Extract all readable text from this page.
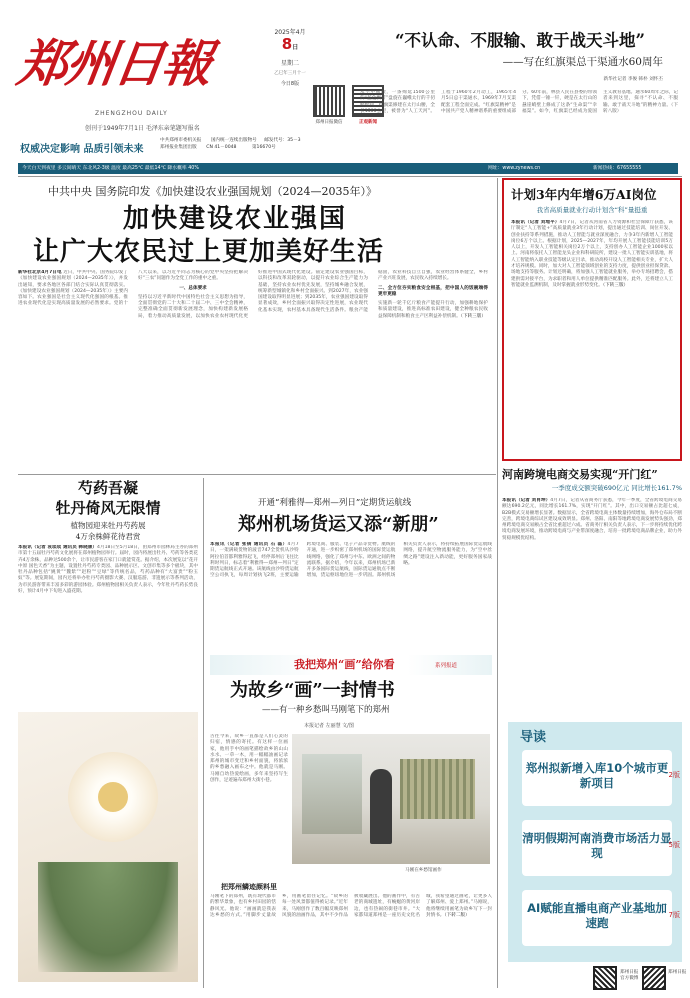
郑州日報
ZHENGZHOU DAILY
创刊于1949年7月1日 毛泽东亲笔题写报名
2025年4月
8日
星期二
乙巳年三月十一
今日8版
郑州日报微信	正观新闻
权威决定影响 品质引领未来
中共郑州市委机关报 国内统一连续出版物号 邮发代号：35－3
郑州报业集团出版 CN 41－0048	第16670号
今天白天到夜里 多云间晴天 东北风2-3级 温度 最高25℃ 最低14℃ 降水概率 40%	网址：www.zynews.cn	新闻热线：67655555
“不认命、不服输、敢于战天斗地”
——写在红旗渠总干渠通水60周年
新华社记者 李俊 韩朴 刘怀丕
从空中俯瞰，一条绵延1500公里的“蓝色飘带”盘旋在巍峨太行的千仞峭壁间。红旗渠修建在太行山腰，全长1500公里，被誉为“人工天河”。工程于1960年2月动工，1965年4月5日总干渠通水，1969年7月支渠配套工程全面完成。“红旗渠精神”是中国共产党人精神谱系的重要组成部分。60年前，林县人民在县委的带领下，凭借一锤一钎，硬是在太行山的悬崖峭壁上修成了这条“生命渠”“幸福渠”。如今，红旗渠已经成为爱国主义教育基地。通水60周年之际，记者来到这里，探寻“不认命、不服输、敢于战天斗地”的精神力量。（下转八版）
中共中央 国务院印发《加快建设农业强国规划（2024—2035年）》
加快建设农业强国
让广大农民过上更加美好生活
新华社北京4月7日电 近日，中共中央、国务院印发了《加快建设农业强国规划（2024—2035年）》，并发出通知，要求各地区各部门结合实际认真贯彻落实。《加快建设农业强国规划（2024—2035年）》主要内容如下。农业强国是社会主义现代化强国的根基。推进农业现代化是实现高质量发展的必然要求。党的十八大以来，以习近平同志为核心的党中央坚持把解决好“三农”问题作为全党工作的重中之重。

一、总体要求
坚持以习近平新时代中国特色社会主义思想为指导，全面贯彻党的二十大和二十届二中、三中全会精神，完整准确全面贯彻新发展理念，加快构建新发展格局，着力推动高质量发展，以加快农业农村现代化更好推进中国式现代化建设。锚定建设农业强国目标，以科技和改革双轮驱动，以提升农业综合生产能力为基础，坚持农业农村优先发展，坚持城乡融合发展，统筹新型城镇化和乡村全面振兴。到2027年，农业强国建设取得明显进展；到2035年，农业强国建设取得显著成效，乡村全面振兴取得决定性进展，农业现代化基本实现，农村基本具备现代生活条件。粮食产能稳固，农业科技自立自强，农业经营体系健全，乡村产业兴旺发展，农民收入持续增长。

二、全方位夯实粮食安全根基，把中国人的饭碗端得更牢更稳
实施新一轮千亿斤粮食产能提升行动，加强耕地保护和质量建设，推进高标准农田建设，健全种粮农民收益保障机制和粮食主产区利益补偿机制。（下转三版）
计划3年内年增6万AI岗位
我省高质量就业行动计划含“科”量挺重
本报讯（记者 刘地平）4月7日，记者从河南省人力资源和社会保障厅获悉，该厅制定“人工智能+”高质量就业3年行动计划，提出通过技能培训、岗位开发、创业扶持等系列措施，推动人工智能与就业深度融合，力争3年内新增人工智能岗位6万个以上。根据计划，2025—2027年，年均开展人工智能技能培训5万人以上，开发人工智能相关岗位2万个以上，支持创办人工智能企业1000家以上。河南将依托人工智能龙头企业和科研院所，建设一批人工智能实训基地，将人工智能纳入职业技能等级认定目录，推动高校开设人工智能相关专业，扩大人才培养规模。同时，加大对人工智能领域创业的支持力度，提供创业担保贷款、场地支持等服务。计划还明确，将加强人工智能就业服务，举办专场招聘会，搭建供需对接平台，为求职者和用人单位提供精准匹配服务。此外，还将建立人工智能就业监测机制，及时掌握就业形势变化。（下转三版）
河南跨境电商交易实现“开门红”
一季度成交额突破690亿元 同比增长161.7%
本报讯（记者 刘肖坤）4月7日，记者从省商务厅获悉，今年一季度，全省跨境电商交易额达690.2亿元，同比增长161.7%，实现“开门红”。其中，出口交易额占比超七成，B2B模式交易额增长显著。数据显示，全省跨境电商主体数量持续增加，海外仓布局不断完善，跨境电商综试区建设成效明显。郑州、洛阳、南阳等地跨境电商发展势头强劲，郑州跨境电商交易额占全省比重超过六成。省商务厅相关负责人表示，下一步将持续优化跨境电商发展环境，推动跨境电商与产业带深度融合，培育一批跨境电商品牌企业，助力外贸稳规模优结构。
芍药吾凝
牡丹倚风无限情
植物园迎来牡丹芍药展
4万余株鲜花待君赏
本报讯（记者 袁琰琰 通讯员 韩晓康）4月18日至5月18日，由郑州市园林局主办的郑州市第十五届牡丹芍药文化展将在郑州植物园举行。届时，园内将展出牡丹、芍药等各类花卉4万余株，品种达500余个，让市民游客在家门口就能赏花。据介绍，本次展览以“花开中原 国色天香”为主题，设置牡丹芍药专类园、品种展示区、文创市集等多个板块，其中牡丹品种包括“姚黄”“魏紫”“赵粉”“豆绿”等传统名品，芍药品种有“大富贵”“粉玉奴”等。展览期间，园内还将举办牡丹芍药摄影大赛、汉服巡游、非遗展示等系列活动，为市民游客带来丰富多彩的游园体验。郑州植物园相关负责人表示，今年牡丹芍药长势良好，预计4月中下旬进入盛花期。
开通“利雅得—郑州—列日”定期货运航线
郑州机场货运又添“新朋”
本报讯（记者 张倩 通讯员 石 磊）4月7日，一架满载货物的波音747全货机从沙特阿拉伯首都利雅得起飞，经停郑州后飞往比利时列日，标志着“利雅得—郑州—列日”定期货运航线正式开通。该航线由沙特货运航空公司执飞，每周计划执飞2班，主要运输跨境电商、服装、电子产品等货物。航线的开通，进一步织密了郑州机场的国际货运航线网络，强化了郑州与中东、欧洲之间的物流联系。据介绍，今年以来，郑州机场已新开多条国际货运航线，国际货运通航点不断增加，货运枢纽地位进一步巩固。郑州机场相关负责人表示，将持续拓展国际货运航线网络，提升航空物流服务能力，为“空中丝绸之路”建设注入新动能，更好服务国家战略。
我把郑州“画”给你看	系列报道
为故乡“画”一封情书
——有一种乡愁叫马刚笔下的郑州
本报记者 左丽慧 文/图
古往今来，故乡一直都是人们心灵的归宿，情感的寄托。有这样一位画家，他用手中的画笔描绘故乡的山山水水、一草一木，用一幅幅油画记录郑州的城市变迁和乡村面貌，将浓浓的乡愁融入画布之中。他就是马刚。马刚自幼热爱绘画，多年来坚持写生创作，足迹遍布郑州大街小巷。
马刚在乡愁馆画作
把郑州鳞迹颜料里
马刚笔下的郑州，既有现代都市的繁华景象，也有乡村田园的恬静风光。他说：“画画就是我表达乡愁的方式。”用脚步丈量故乡，用画笔留住记忆。“故乡的每一处风景都值得被记录。”近年来，马刚创作了数百幅反映郑州风貌的油画作品，其中不少作品被收藏展出。他的画作中，有古老的商城遗址，有蜿蜒的黄河岸边，也有热闹的街巷市井。“大家都知道郑州是一座历史文化名城，我希望通过画笔，让更多人了解郑州、爱上郑州。”马刚说，他将继续用画笔为故乡写下一封封情书。（下转二版）
导读
郑州拟新增入库10个城市更新项目
2版
清明假期河南消费市场活力显现
5版
AI赋能直播电商产业基地加速跑
7版
郑州日报
官方微博
郑州日报
